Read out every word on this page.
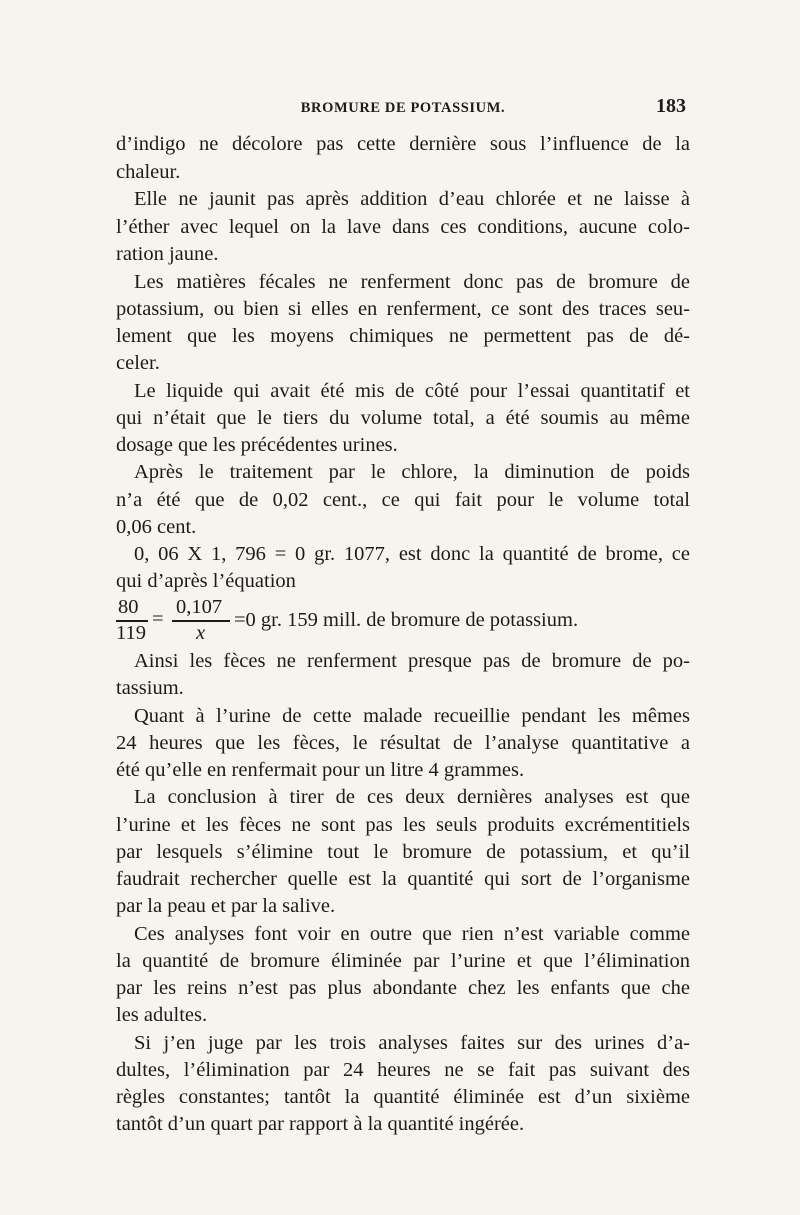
BROMURE DE POTASSIUM.	183
d’indigo ne décolore pas cette dernière sous l’influence de la
chaleur.
Elle ne jaunit pas après addition d’eau chlorée et ne laisse à
l’éther avec lequel on la lave dans ces conditions, aucune colo-
ration jaune.
Les matières fécales ne renferment donc pas de bromure de
potassium, ou bien si elles en renferment, ce sont des traces seu-
lement que les moyens chimiques ne permettent pas de dé-
celer.
Le liquide qui avait été mis de côté pour l’essai quantitatif et
qui n’était que le tiers du volume total, a été soumis au même
dosage que les précédentes urines.
Après le traitement par le chlore, la diminution de poids
n’a été que de 0,02 cent., ce qui fait pour le volume total
0,06 cent.
0, 06 X 1, 796 = 0 gr. 1077, est donc la quantité de brome, ce
qui d’après l’équation
80
119
=
0,107
x
=0 gr. 159 mill. de bromure de potassium.
Ainsi les fèces ne renferment presque pas de bromure de po-
tassium.
Quant à l’urine de cette malade recueillie pendant les mêmes
24 heures que les fèces, le résultat de l’analyse quantitative a
été qu’elle en renfermait pour un litre 4 grammes.
La conclusion à tirer de ces deux dernières analyses est que
l’urine et les fèces ne sont pas les seuls produits excrémentitiels
par lesquels s’élimine tout le bromure de potassium, et qu’il
faudrait rechercher quelle est la quantité qui sort de l’organisme
par la peau et par la salive.
Ces analyses font voir en outre que rien n’est variable comme
la quantité de bromure éliminée par l’urine et que l’élimination
par les reins n’est pas plus abondante chez les enfants que che
les adultes.
Si j’en juge par les trois analyses faites sur des urines d’a-
dultes, l’élimination par 24 heures ne se fait pas suivant des
règles constantes; tantôt la quantité éliminée est d’un sixième
tantôt d’un quart par rapport à la quantité ingérée.
